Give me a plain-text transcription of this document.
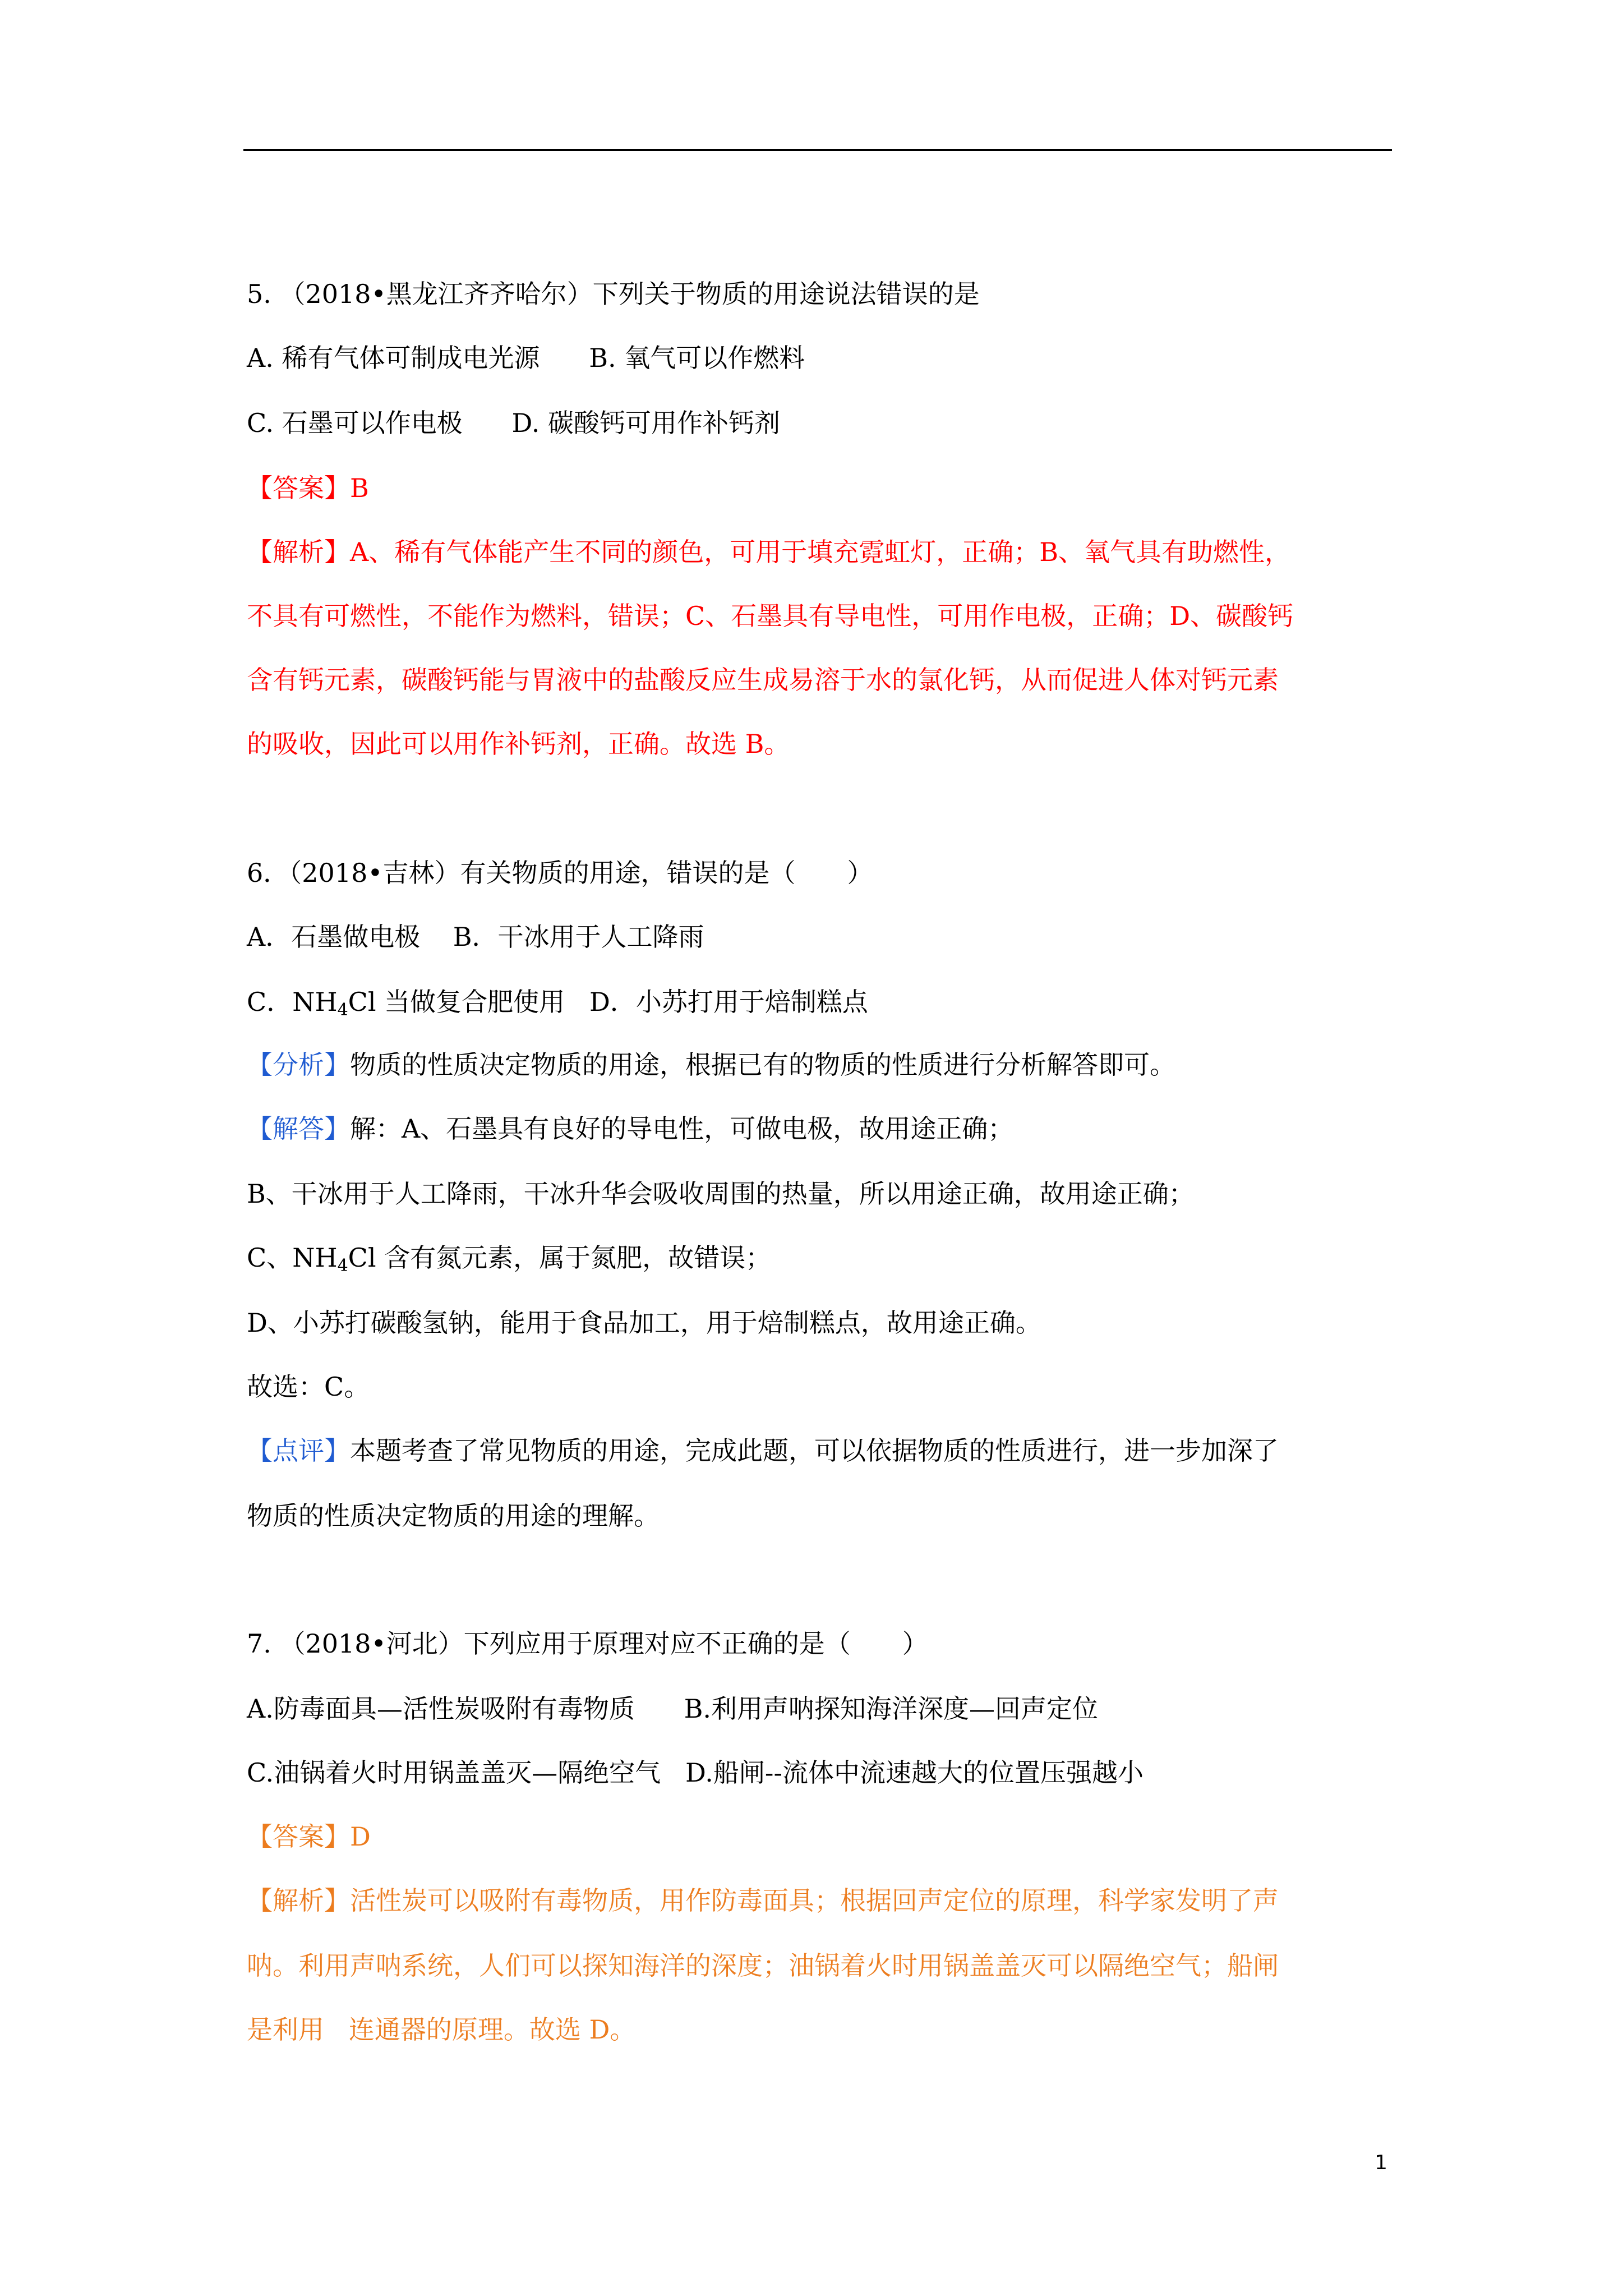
5. （2018•黑龙江齐齐哈尔）下列关于物质的用途说法错误的是
A. 稀有气体可制成电光源      B. 氧气可以作燃料
C. 石墨可以作电极      D. 碳酸钙可用作补钙剂
【答案】B
【解析】A、稀有气体能产生不同的颜色，可用于填充霓虹灯，正确；B、氧气具有助燃性，
不具有可燃性，不能作为燃料，错误；C、石墨具有导电性，可用作电极，正确；D、碳酸钙
含有钙元素，碳酸钙能与胃液中的盐酸反应生成易溶于水的氯化钙，从而促进人体对钙元素
的吸收，因此可以用作补钙剂，正确。故选 B。
6．（2018•吉林）有关物质的用途，错误的是（　　）
A．石墨做电极    B．干冰用于人工降雨
C．$NH_4Cl$ 当做复合肥使用   D．小苏打用于焙制糕点
【分析】物质的性质决定物质的用途，根据已有的物质的性质进行分析解答即可。
【解答】解：A、石墨具有良好的导电性，可做电极，故用途正确；
B、干冰用于人工降雨，干冰升华会吸收周围的热量，所以用途正确，故用途正确；
C、$NH_4Cl$ 含有氮元素，属于氮肥，故错误；
D、小苏打碳酸氢钠，能用于食品加工，用于焙制糕点，故用途正确。
故选：C。
【点评】本题考查了常见物质的用途，完成此题，可以依据物质的性质进行，进一步加深了
物质的性质决定物质的用途的理解。
7. （2018•河北）下列应用于原理对应不正确的是（　　）
A.防毒面具—活性炭吸附有毒物质      B.利用声呐探知海洋深度—回声定位
C.油锅着火时用锅盖盖灭—隔绝空气   D.船闸--流体中流速越大的位置压强越小
【答案】D
【解析】活性炭可以吸附有毒物质，用作防毒面具；根据回声定位的原理，科学家发明了声
呐。利用声呐系统，人们可以探知海洋的深度；油锅着火时用锅盖盖灭可以隔绝空气；船闸
是利用   连通器的原理。故选 D。
1
